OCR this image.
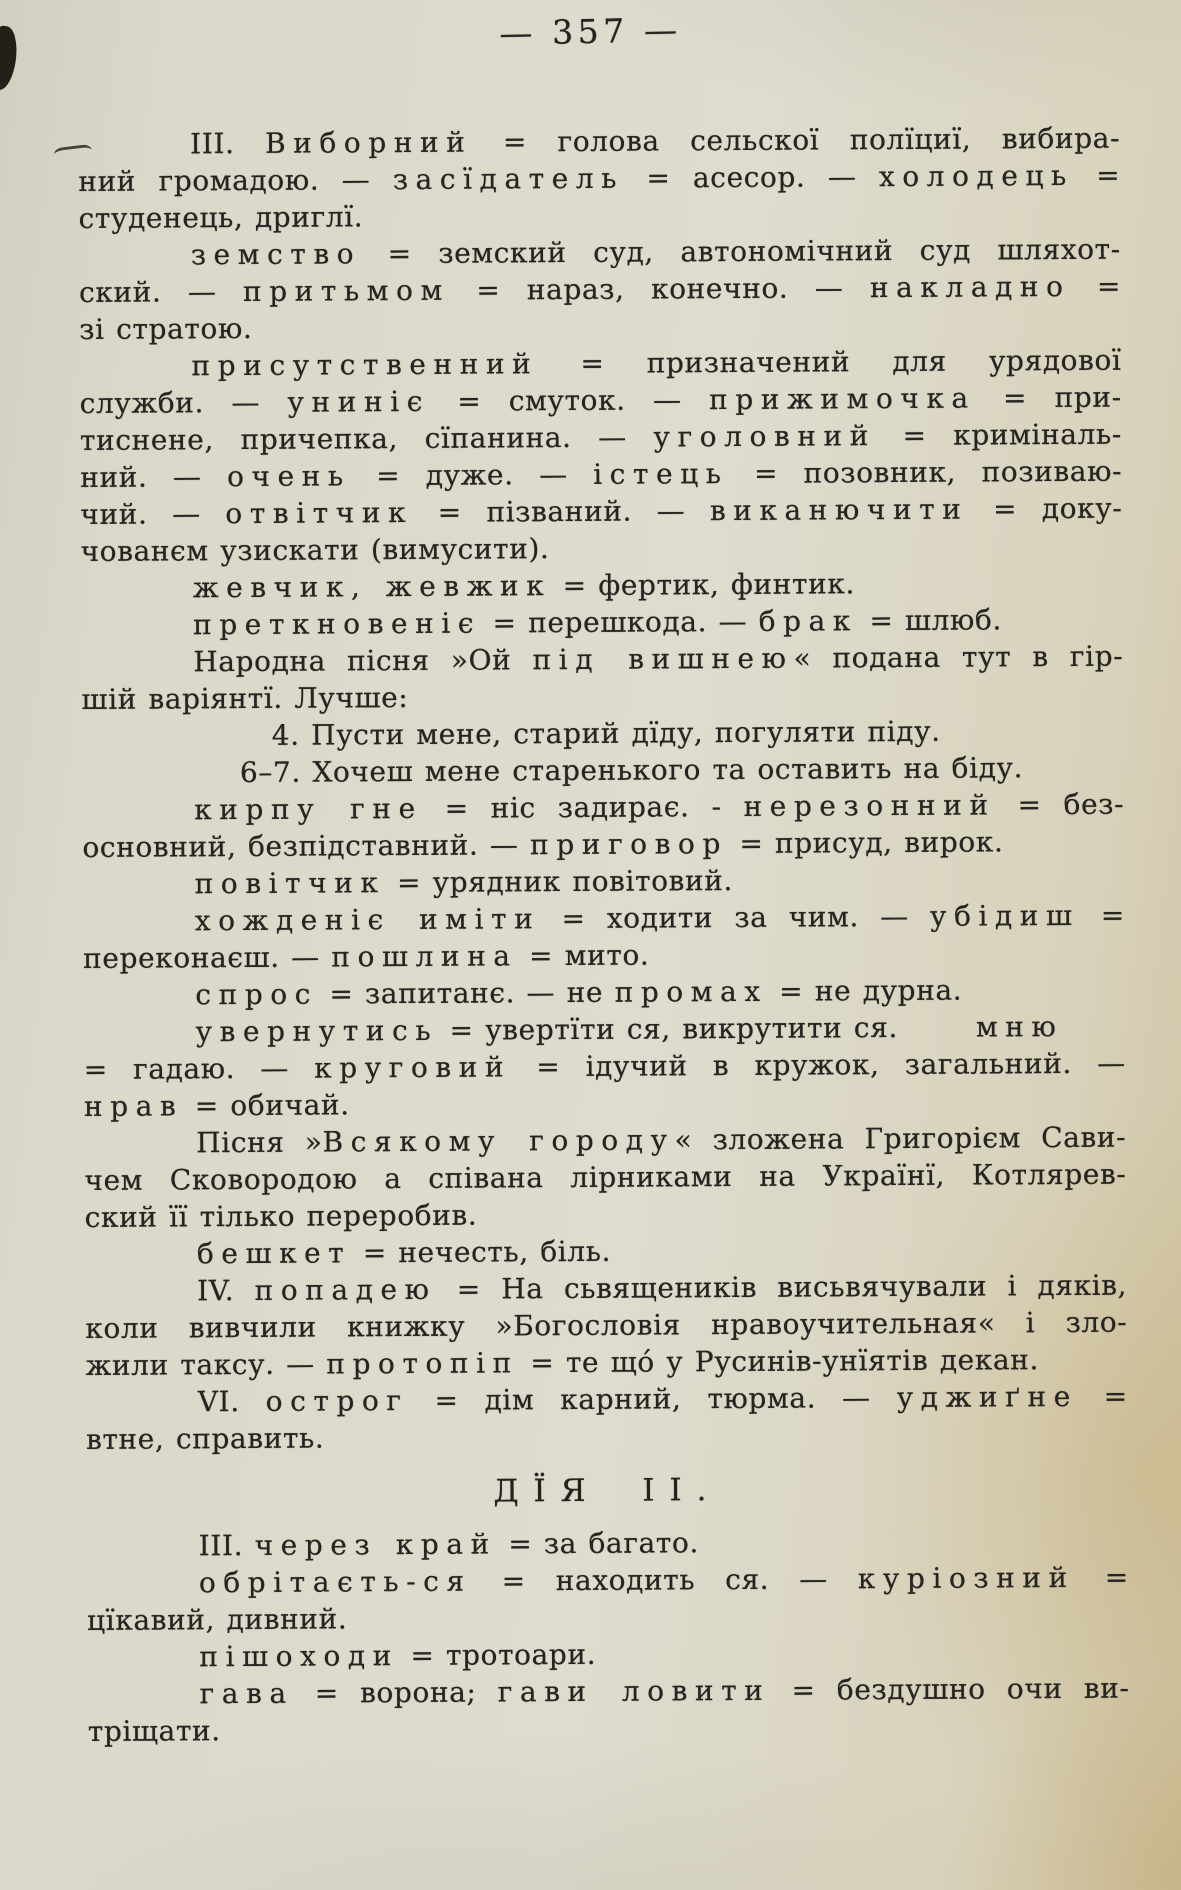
— 357 —
ІІІ. Виборний = голова сельскої полїциї, вибира-
ний громадою. — засїдатель = асесор. — холодець =
студенець, дриглї.
земство = земский суд, автономічний суд шляхот-
ский. — притьмом = нараз, конечно. — накладно =
зі стратою.
присутственний = призначений для урядової
служби. — униніє = смуток. — прижимочка = при-
тиснене, причепка, сїпанина. — уголовний = криміналь-
ний. — очень = дуже. — істець = позовник, позиваю-
чий. — отвітчик = пізваний. — виканючити = доку-
чованєм узискати (вимусити).
жевчик, жевжик = фертик, финтик.
преткновеніє = перешкода. — брак = шлюб.
Народна пісня »Ой під вишнею« подана тут в гір-
шій варіянтї. Лучше:
4. Пусти мене, старий дїду, погуляти піду.
6–7. Хочеш мене старенького та оставить на біду.
кирпу гне = ніс задирає. - нерезонний = без-
основний, безпідставний. — приговор = присуд, вирок.
повітчик = урядник повітовий.
хожденіє иміти = ходити за чим. — убідиш =
переконаєш. — пошлина = мито.
спрос = запитанє. — не промах = не дурна.
увернутись = увертїти ся, викрутити ся.	мню
= гадаю. — круговий = ідучий в кружок, загальний. —
нрав = обичай.
Пісня »Всякому городу« зложена Григорієм Сави-
чем Сковородою а співана лірниками на Українї, Котлярев-
ский її тілько переробив.
бешкет = нечесть, біль.
IV. попадею = На сьвящеників висьвячували і дяків,
коли вивчили книжку »Богословія нравоучительная« і зло-
жили таксу. — протопіп = те що́ у Русинів-унїятів декан.
VI. острог = дім карний, тюрма. — уджиґне =
втне, справить.
ДЇЯ ІІ.
ІІІ. через край = за багато.
обрітаєть-ся = находить ся. — куріозний =
цїкавий, дивний.
пішоходи = тротоари.
гава = ворона; гави ловити = бездушно очи ви-
тріщати.
